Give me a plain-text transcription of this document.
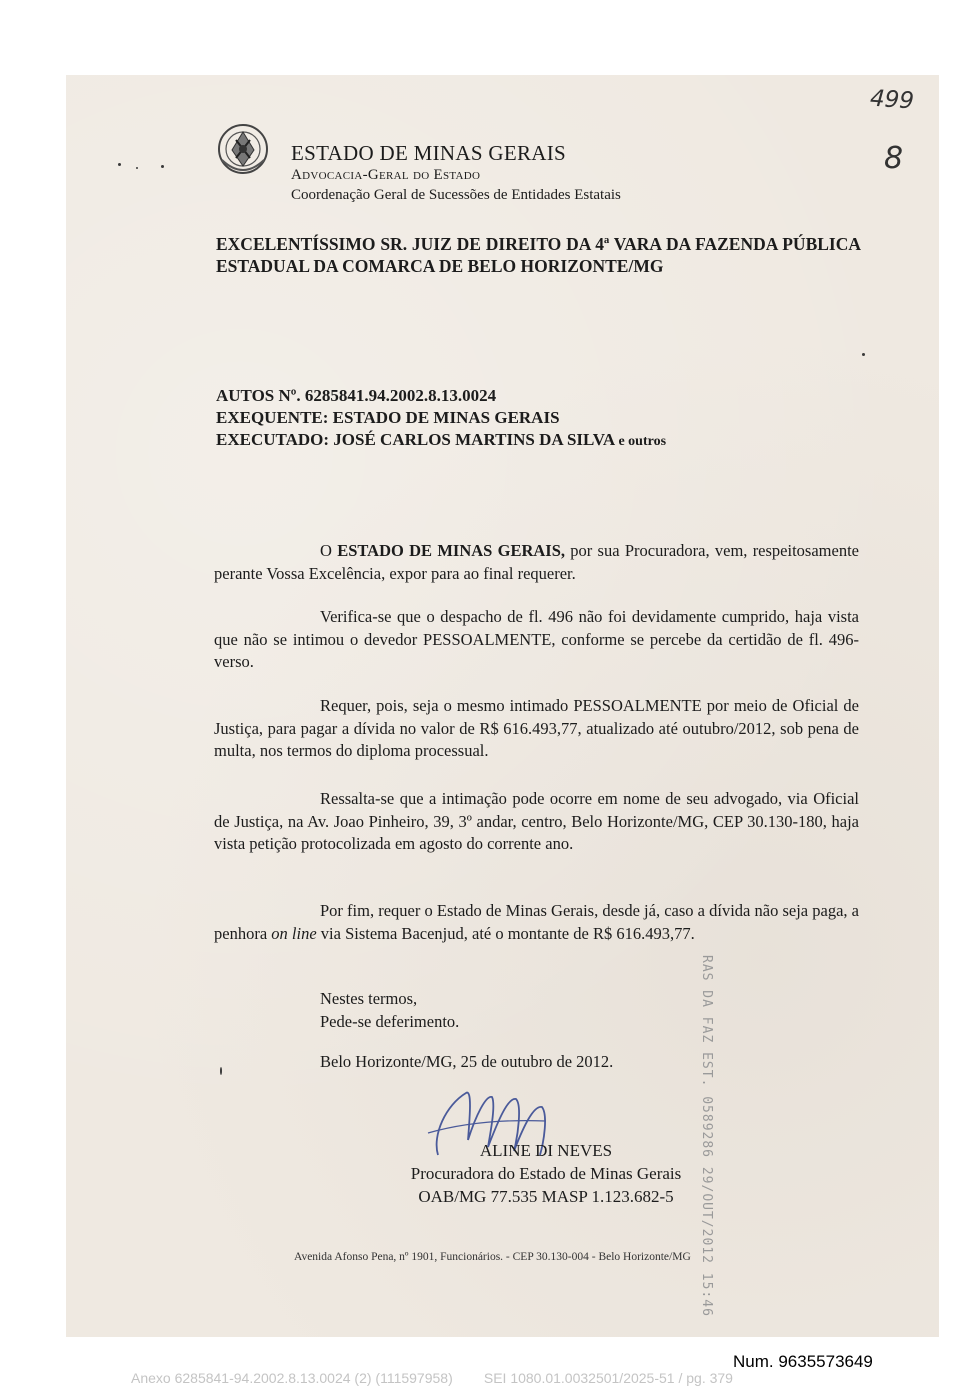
499
8
ESTADO DE MINAS GERAIS
Advocacia-Geral do Estado
Coordenação Geral de Sucessões de Entidades Estatais
EXCELENTÍSSIMO SR. JUIZ DE DIREITO DA 4ª VARA DA FAZENDA PÚBLICA ESTADUAL DA COMARCA DE BELO HORIZONTE/MG
AUTOS Nº. 6285841.94.2002.8.13.0024
EXEQUENTE: ESTADO DE MINAS GERAIS
EXECUTADO: JOSÉ CARLOS MARTINS DA SILVA e outros

O ESTADO DE MINAS GERAIS, por sua Procuradora, vem, respeitosamente perante Vossa Excelência, expor para ao final requerer.

Verifica-se que o despacho de fl. 496 não foi devidamente cumprido, haja vista que não se intimou o devedor PESSOALMENTE, conforme se percebe da certidão de fl. 496- verso.

Requer, pois, seja o mesmo intimado PESSOALMENTE por meio de Oficial de Justiça, para pagar a dívida no valor de R$ 616.493,77, atualizado até outubro/2012, sob pena de multa, nos termos do diploma processual.

Ressalta-se que a intimação pode ocorre em nome de seu advogado, via Oficial de Justiça, na Av. Joao Pinheiro, 39, 3º andar, centro, Belo Horizonte/MG, CEP 30.130-180, haja vista petição protocolizada em agosto do corrente ano.

Por fim, requer o Estado de Minas Gerais, desde já, caso a dívida não seja paga, a penhora on line via Sistema Bacenjud, até o montante de R$ 616.493,77.

Nestes termos,
Pede-se deferimento.
Belo Horizonte/MG, 25 de outubro de 2012.
ALINE DI NEVES
Procuradora do Estado de Minas Gerais
OAB/MG 77.535 MASP 1.123.682-5
Avenida Afonso Pena, nº 1901, Funcionários. - CEP 30.130-004 - Belo Horizonte/MG RAS DA FAZ EST. 0589286 29/OUT/2012 15:46
Num. 9635573649
Anexo 6285841-94.2002.8.13.0024 (2) (111597958)        SEI 1080.01.0032501/2025-51 / pg. 379
